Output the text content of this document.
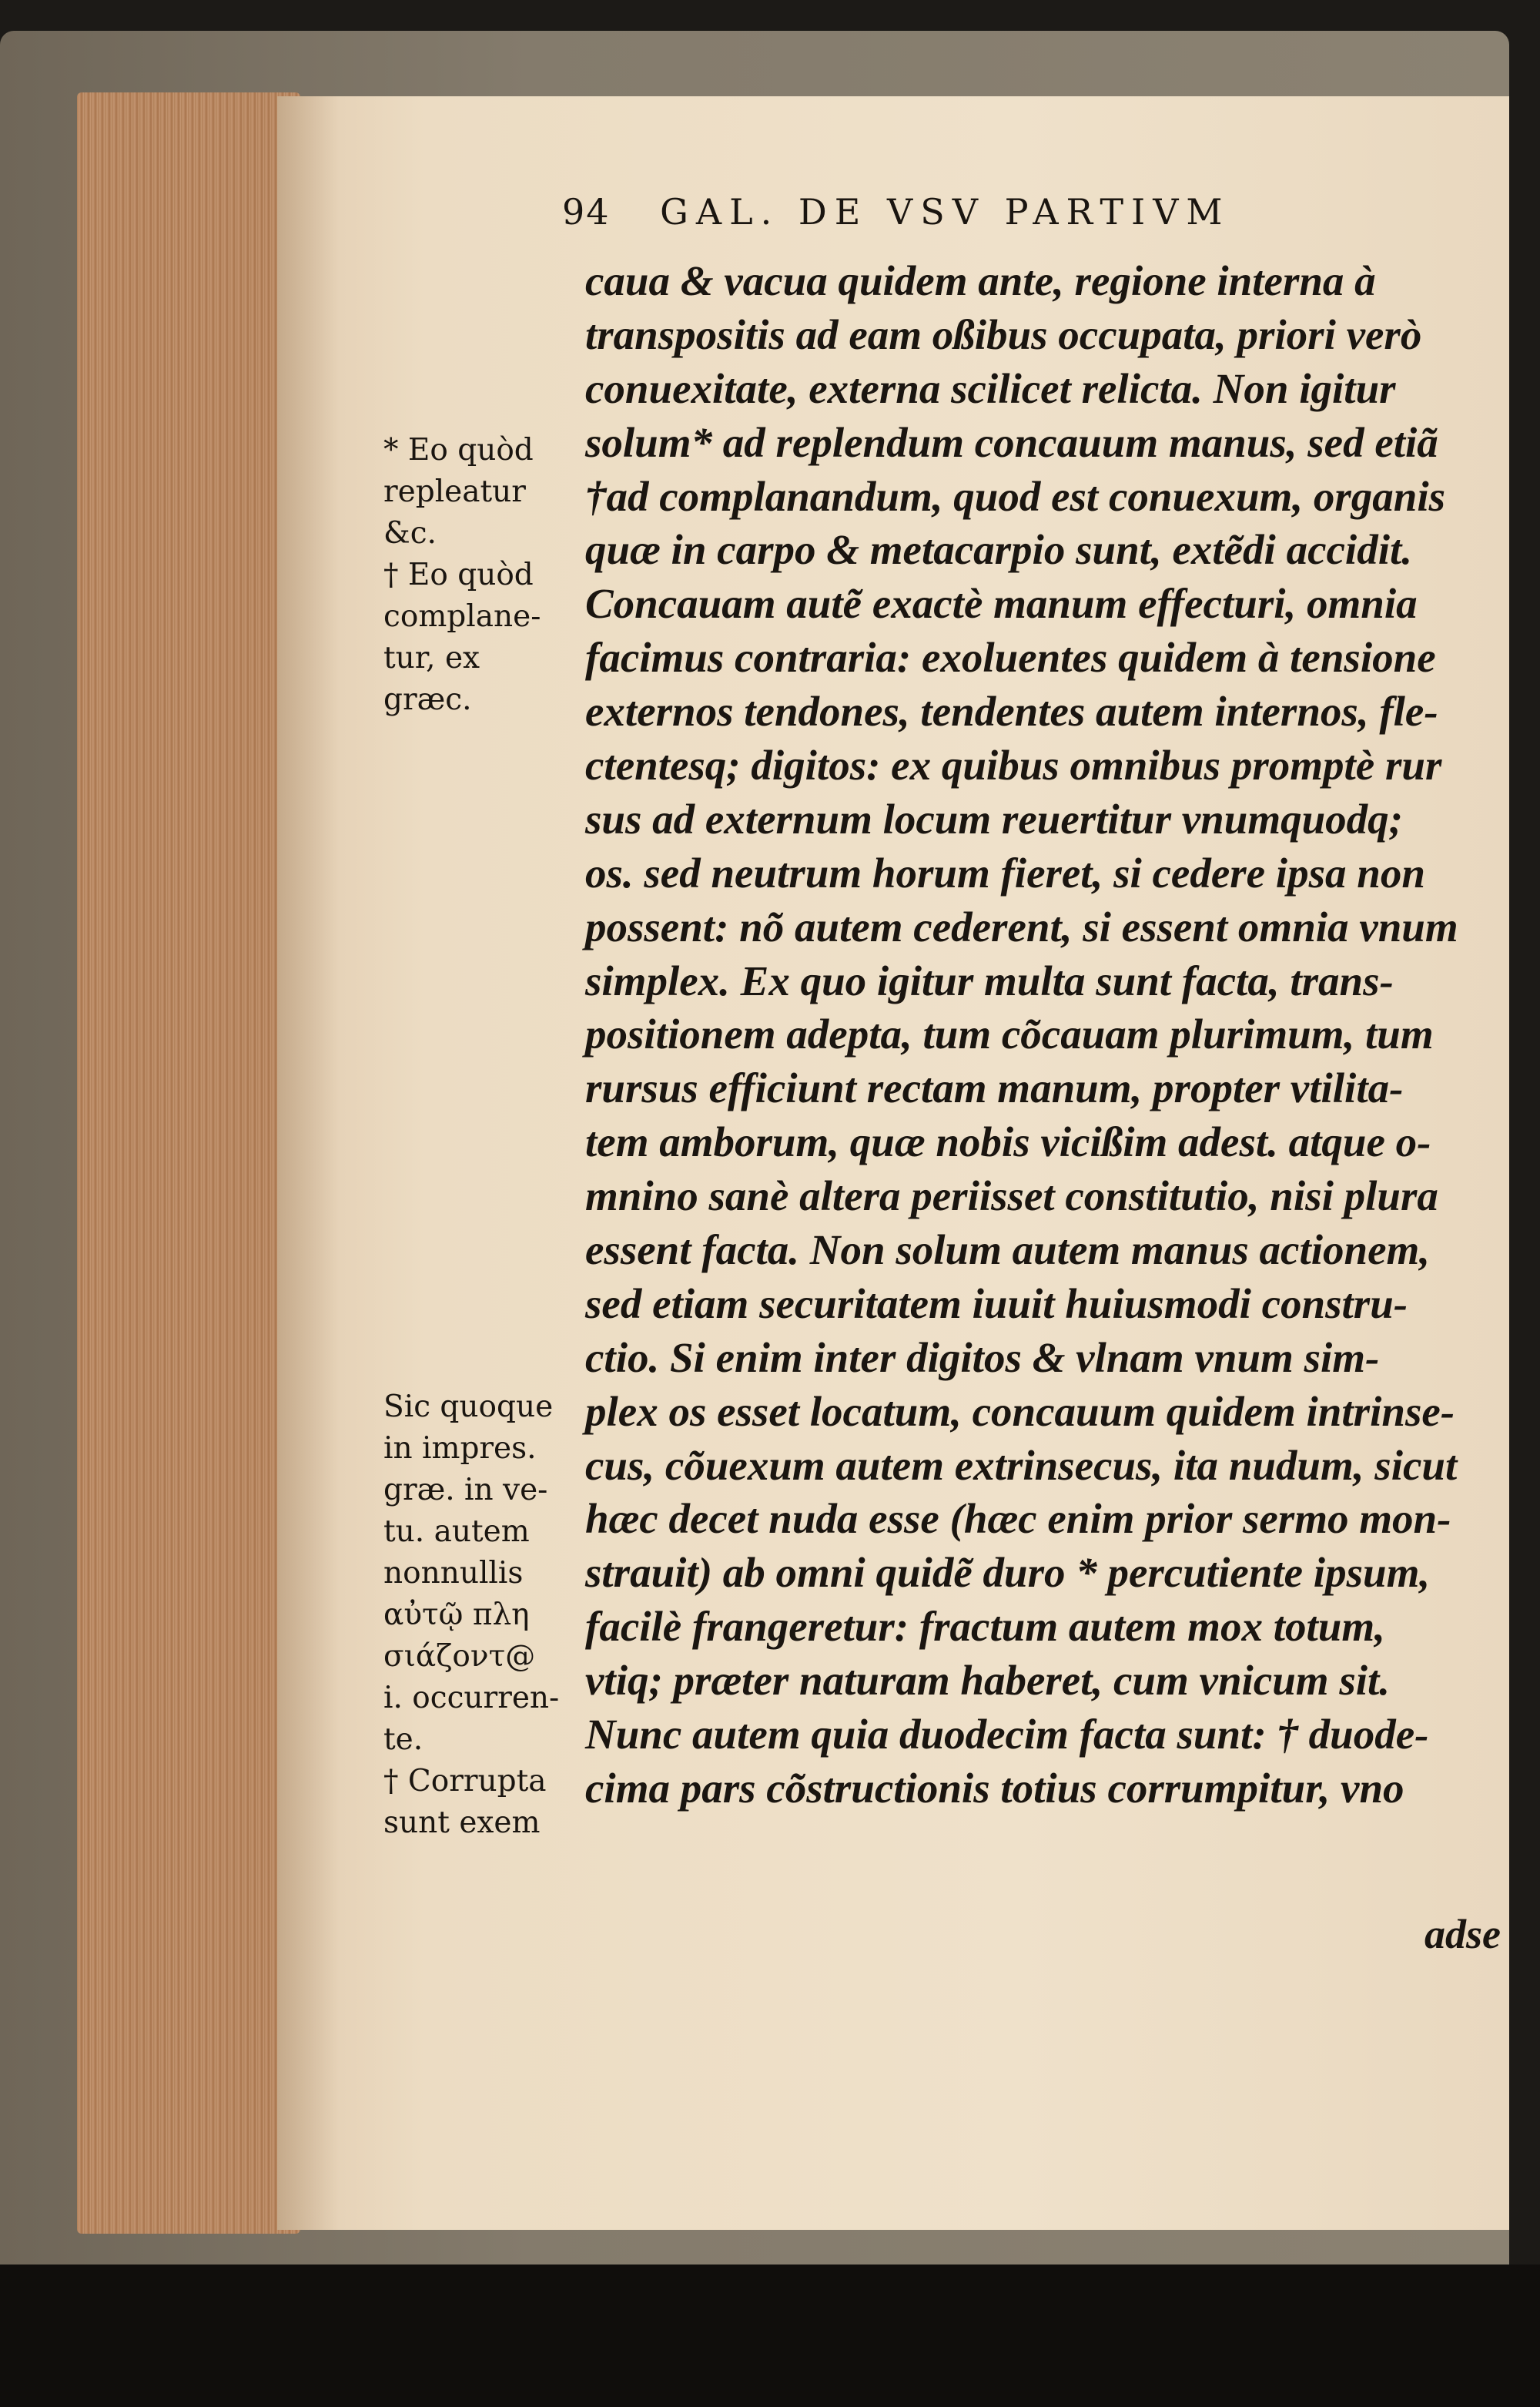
94 GAL. DE VSV PARTIVM
caua & vacua quidem ante, regione interna à
transpositis ad eam oßibus occupata, priori verò
conuexitate, externa scilicet relicta. Non igitur
solum* ad replendum concauum manus, sed etiã
†ad complanandum, quod est conuexum, organis
quæ in carpo & metacarpio sunt, extẽdi accidit.
Concauam autẽ exactè manum effecturi, omnia
facimus contraria: exoluentes quidem à tensione
externos tendones, tendentes autem internos, fle-
ctentesq; digitos: ex quibus omnibus promptè rur
sus ad externum locum reuertitur vnumquodq;
os. sed neutrum horum fieret, si cedere ipsa non
possent: nõ autem cederent, si essent omnia vnum
simplex. Ex quo igitur multa sunt facta, trans-
positionem adepta, tum cõcauam plurimum, tum
rursus efficiunt rectam manum, propter vtilita-
tem amborum, quæ nobis vicißim adest. atque o-
mnino sanè altera periisset constitutio, nisi plura
essent facta. Non solum autem manus actionem,
sed etiam securitatem iuuit huiusmodi constru-
ctio. Si enim inter digitos & vlnam vnum sim-
plex os esset locatum, concauum quidem intrinse-
cus, cõuexum autem extrinsecus, ita nudum, sicut
hæc decet nuda esse (hæc enim prior sermo mon-
strauit) ab omni quidẽ duro * percutiente ipsum,
facilè frangeretur: fractum autem mox totum,
vtiq; præter naturam haberet, cum vnicum sit.
Nunc autem quia duodecim facta sunt: † duode-
cima pars cõstructionis totius corrumpitur, vno
adse
* Eo quòd
repleatur
&c.
† Eo quòd
complane-
tur, ex
græc.
Sic quoque
in impres.
græ. in ve-
tu. autem
nonnullis
αὐτῷ πλη
σιάζοντ@
i. occurren-
te.
† Corrupta
sunt exem
